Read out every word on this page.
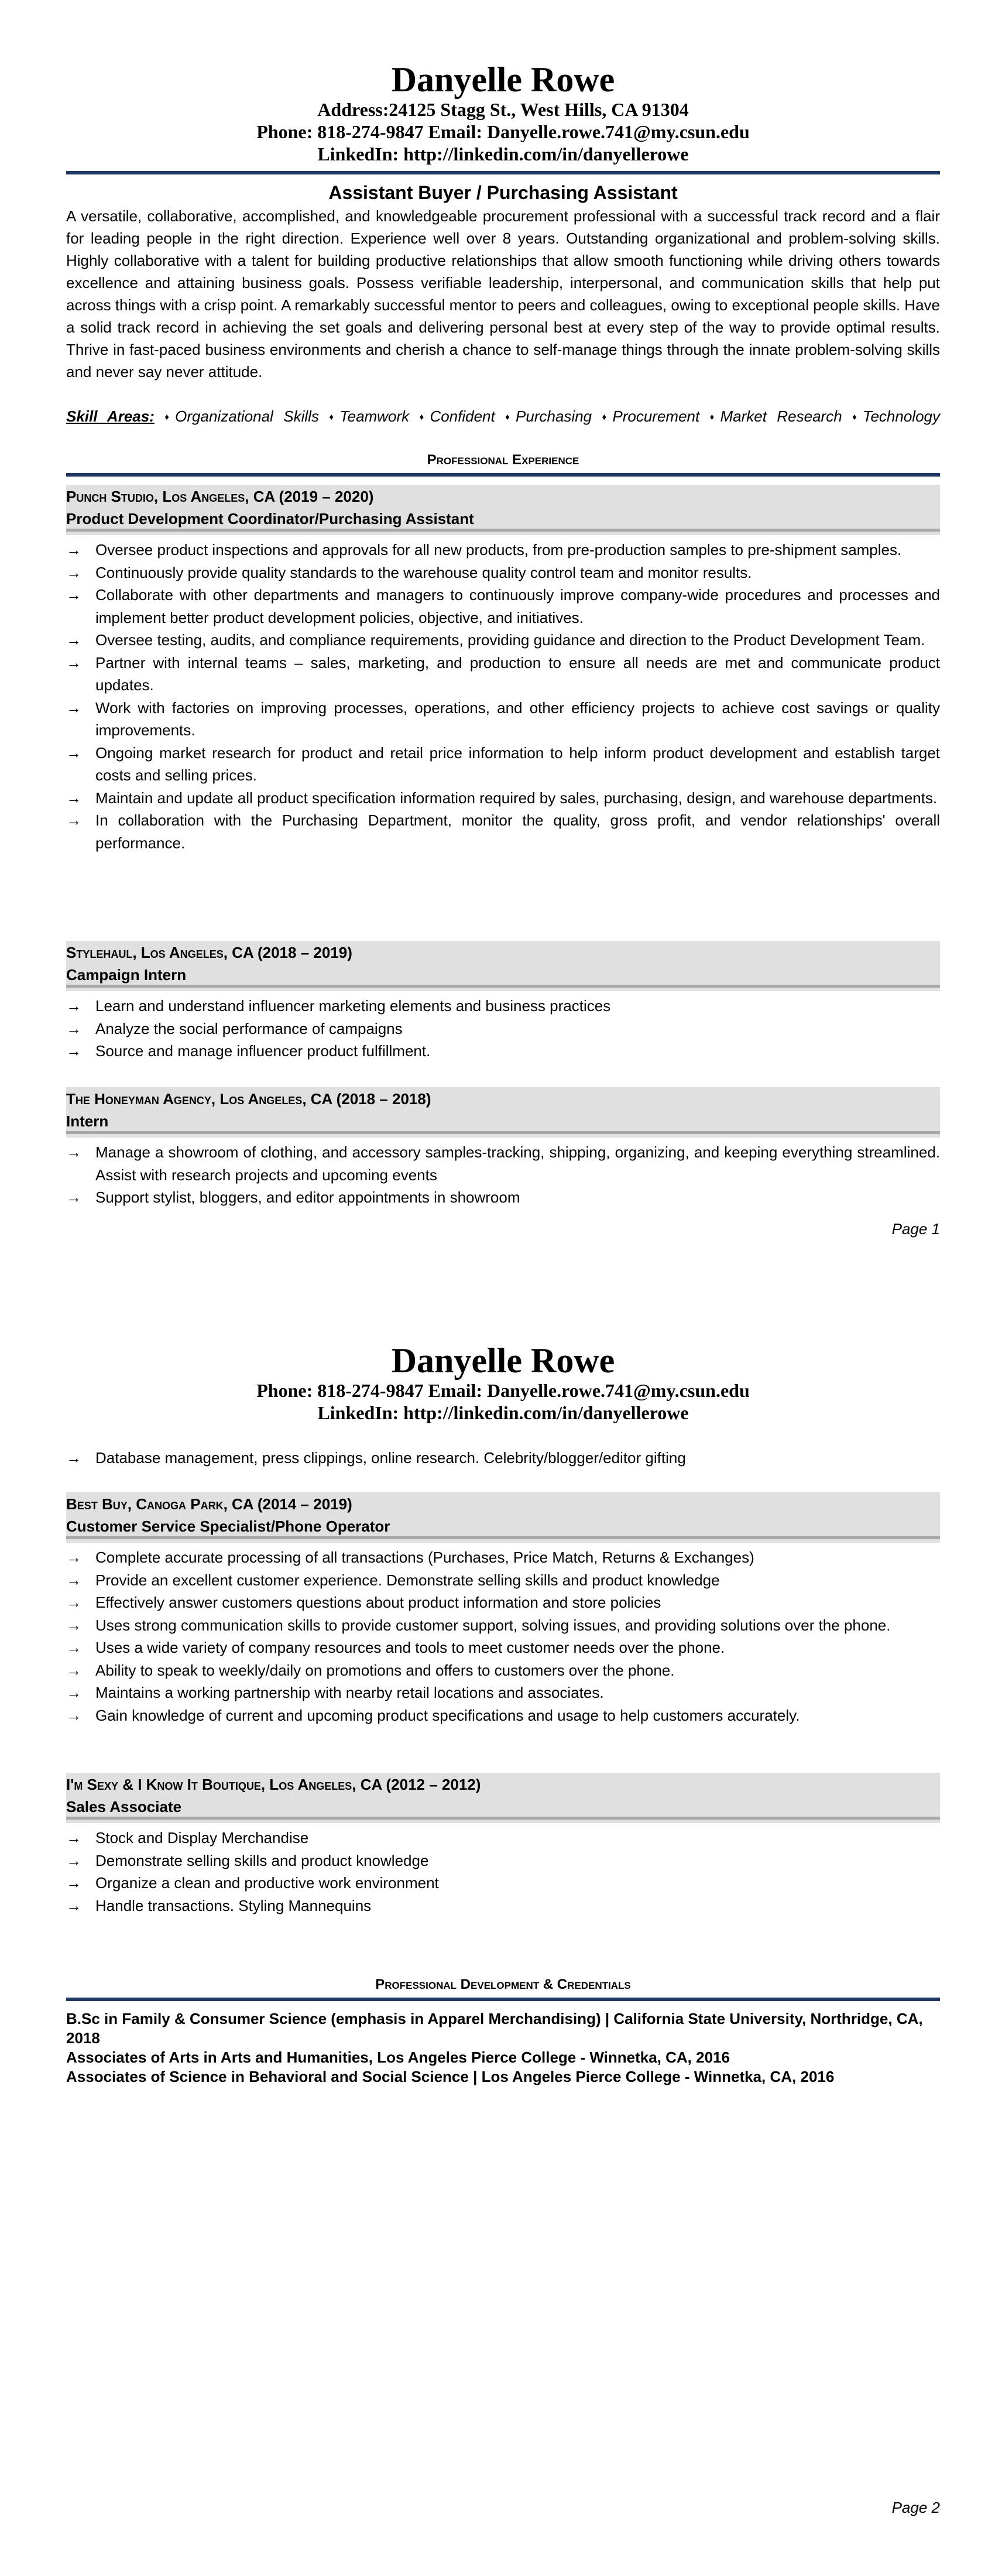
Danyelle Rowe
Address:24125 Stagg St., West Hills, CA 91304
Phone: 818-274-9847 Email: Danyelle.rowe.741@my.csun.edu
LinkedIn: http://linkedin.com/in/danyellerowe
Assistant Buyer / Purchasing Assistant
A versatile, collaborative, accomplished, and knowledgeable procurement professional with a successful track record and a flair for leading people in the right direction. Experience well over 8 years. Outstanding organizational and problem-solving skills. Highly collaborative with a talent for building productive relationships that allow smooth functioning while driving others towards excellence and attaining business goals. Possess verifiable leadership, interpersonal, and communication skills that help put across things with a crisp point. A remarkably successful mentor to peers and colleagues, owing to exceptional people skills. Have a solid track record in achieving the set goals and delivering personal best at every step of the way to provide optimal results. Thrive in fast-paced business environments and cherish a chance to self-manage things through the innate problem-solving skills and never say never attitude.
Skill Areas: ♦Organizational Skills ♦Teamwork ♦Confident ♦Purchasing ♦Procurement ♦Market Research ♦Technology
Professional Experience
Punch Studio, Los Angeles, CA (2019 – 2020)
Product Development Coordinator/Purchasing Assistant
→ Oversee product inspections and approvals for all new products, from pre-production samples to pre-shipment samples.
→ Continuously provide quality standards to the warehouse quality control team and monitor results.
→ Collaborate with other departments and managers to continuously improve company-wide procedures and processes and implement better product development policies, objective, and initiatives.
→ Oversee testing, audits, and compliance requirements, providing guidance and direction to the Product Development Team.
→ Partner with internal teams – sales, marketing, and production to ensure all needs are met and communicate product updates.
→ Work with factories on improving processes, operations, and other efficiency projects to achieve cost savings or quality improvements.
→ Ongoing market research for product and retail price information to help inform product development and establish target costs and selling prices.
→ Maintain and update all product specification information required by sales, purchasing, design, and warehouse departments.
→ In collaboration with the Purchasing Department, monitor the quality, gross profit, and vendor relationships' overall performance.
Stylehaul, Los Angeles, CA (2018 – 2019)
Campaign Intern
→ Learn and understand influencer marketing elements and business practices
→ Analyze the social performance of campaigns
→ Source and manage influencer product fulfillment.
The Honeyman Agency, Los Angeles, CA (2018 – 2018)
Intern
→ Manage a showroom of clothing, and accessory samples-tracking, shipping, organizing, and keeping everything streamlined. Assist with research projects and upcoming events
→ Support stylist, bloggers, and editor appointments in showroom
Page 1
Danyelle Rowe
Phone: 818-274-9847 Email: Danyelle.rowe.741@my.csun.edu
LinkedIn: http://linkedin.com/in/danyellerowe
→ Database management, press clippings, online research. Celebrity/blogger/editor gifting
Best Buy, Canoga Park, CA (2014 – 2019)
Customer Service Specialist/Phone Operator
→ Complete accurate processing of all transactions (Purchases, Price Match, Returns & Exchanges)
→ Provide an excellent customer experience. Demonstrate selling skills and product knowledge
→ Effectively answer customers questions about product information and store policies
→ Uses strong communication skills to provide customer support, solving issues, and providing solutions over the phone.
→ Uses a wide variety of company resources and tools to meet customer needs over the phone.
→ Ability to speak to weekly/daily on promotions and offers to customers over the phone.
→ Maintains a working partnership with nearby retail locations and associates.
→ Gain knowledge of current and upcoming product specifications and usage to help customers accurately.
I'm Sexy & I Know It Boutique, Los Angeles, CA (2012 – 2012)
Sales Associate
→ Stock and Display Merchandise
→ Demonstrate selling skills and product knowledge
→ Organize a clean and productive work environment
→ Handle transactions. Styling Mannequins
Professional Development & Credentials
B.Sc in Family & Consumer Science (emphasis in Apparel Merchandising) | California State University, Northridge, CA, 2018
Associates of Arts in Arts and Humanities, Los Angeles Pierce College - Winnetka, CA, 2016
Associates of Science in Behavioral and Social Science | Los Angeles Pierce College - Winnetka, CA, 2016
Page 2
